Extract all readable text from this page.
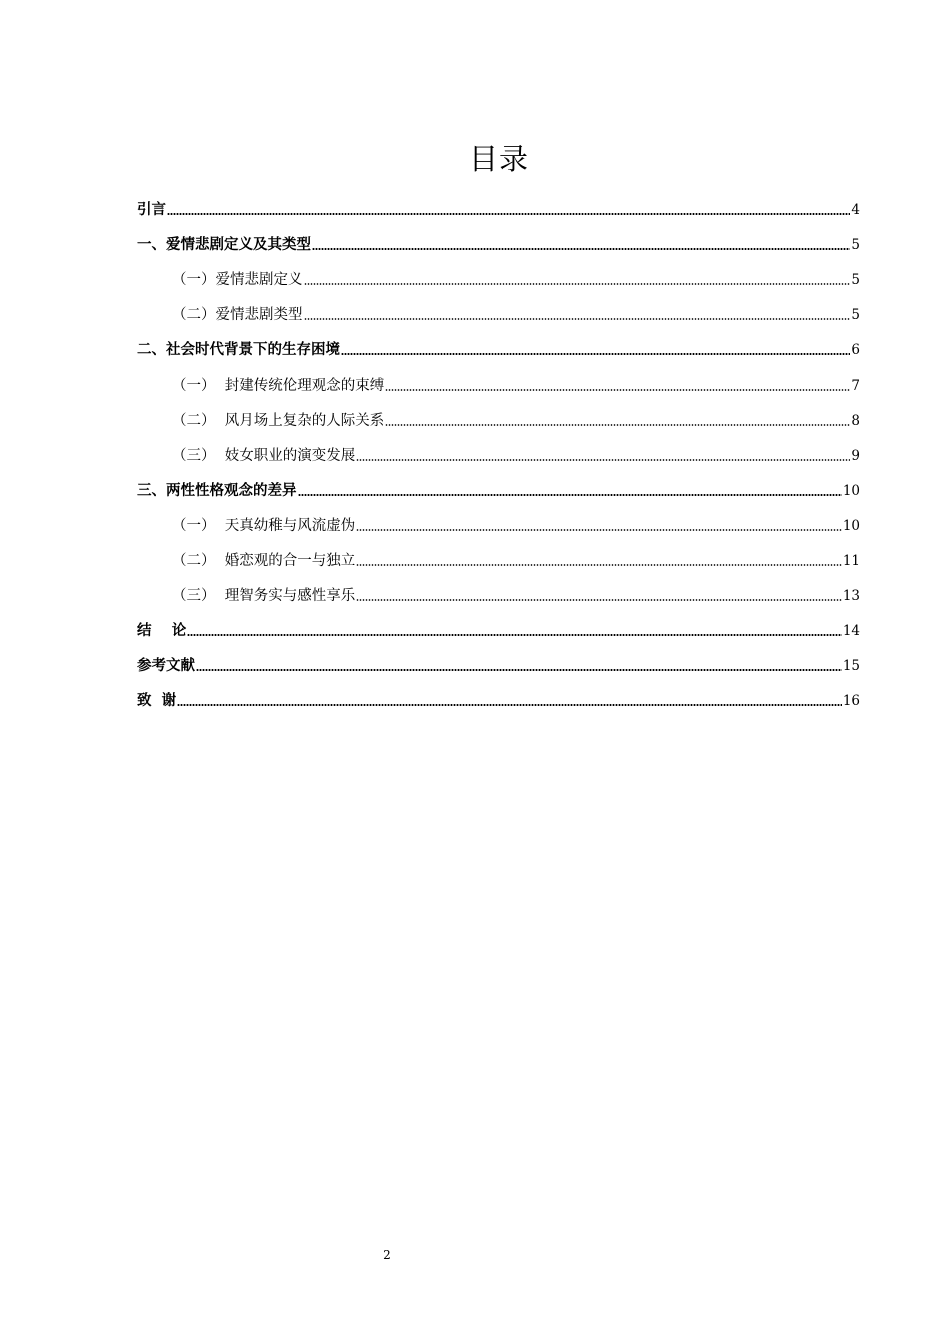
目录
引言	4
一、爱情悲剧定义及其类型	5
（一）爱情悲剧定义	5
（二）爱情悲剧类型	5
二、社会时代背景下的生存困境	6
（一）  封建传统伦理观念的束缚	7
（二）  风月场上复杂的人际关系	8
（三）  妓女职业的演变发展	9
三、两性性格观念的差异	10
（一）  天真幼稚与风流虚伪	10
（二）  婚恋观的合一与独立	11
（三）  理智务实与感性享乐	13
结    论	14
参考文献	15
致  谢	16
2
